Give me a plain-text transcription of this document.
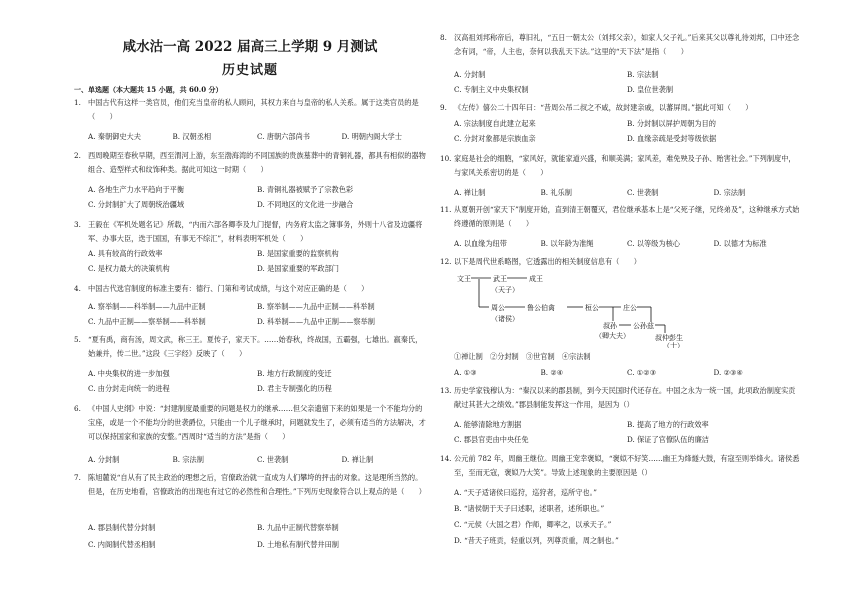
咸水沽一高 2022 届高三上学期 9 月测试
历史试题
一、单选题（本大题共 15 小题，共 60.0 分）
1. 中国古代有这样一类官员，他们充当皇帝的私人顾问，其权力来自与皇帝的私人关系。属于这类官员的是（　　）
A. 秦朝御史大夫	B. 汉朝丞相	C. 唐朝六部尚书	D. 明朝内阁大学士
2. 西周晚期至春秋早期，西至渭河上游，东至渤海湾的不同国族的贵族墓葬中的青铜礼器，都具有相似的器物组合、造型样式和纹饰种类。据此可知这一时期（　　）
A. 各地生产力水平趋向于平衡	B. 青铜礼器被赋予了宗教色彩
C. 分封制扩大了周朝统治疆域	D. 不同地区的文化进一步融合
3. 王毅在《军机处题名记》所载，“内而六部各卿李及九门提督，内务府太监之簿事务，外则十八省及边疆将军、办事大臣，迭于国国，有事无不综汇”，材料表明军机处（　　）
A. 具有较高的行政效率	B. 是国家重要的监察机构
C. 是权力最大的决策机构	D. 是国家重要的军政部门
4. 中国古代选官制度的标准主要有：德行、门第和考试成绩，与这个对应正确的是（　　）
A. 察举制——科举制——九品中正制	B. 察举制——九品中正制——科举制
C. 九品中正制——察举制——科举制	D. 科举制——九品中正制——察举制
5. “夏有禹，商有汤，周文武，称三王。夏传子，家天下。……始春秋，终战国，五霸强，七雄出。嬴秦氏，始兼并，传二世。”这段《三字经》反映了（　　）
A. 中央集权的进一步加强	B. 地方行政制度的变迁
C. 由分封走向统一的进程	D. 君主专制强化的历程
6. 《中国人史纲》中说：“封建制度最重要的问题是权力的继承……但父亲遗留下来的如果是一个不能均分的宝座，或是一个不能均分的世袭爵位，只能由一个儿子继承时，问题就发生了，必须有适当的方法解决，才可以保持国家和家族的安整。”西周时“适当的方法”是指（　　）
A. 分封制	B. 宗法制	C. 世袭制	D. 禅让制
7. 陈旭麓说“自从有了民主政治的理想之后，官僚政治就一直成为人们攀垮的抨击的对象。这是理所当然的。但是，在历史地看，官僚政治的出现也有过它的必然性和合理性。”下列历史现象符合以上观点的是（　　）
A. 郡县制代替分封制	B. 九品中正制代替察举制
C. 内阁制代替丞相制	D. 土地私有制代替井田制
8. 汉高祖刘邦称帝后，尊旧礼，“五日一朝太公（刘邦父亲），如家人父子礼。”后来其父以尊礼待刘邦，口中还念念有词，“帝，人主也，奈何以我乱天下法。”这里的“天下法”是指（　　）
A. 分封制	B. 宗法制
C. 专制主义中央集权制	D. 皇位世袭制
9. 《左传》僖公二十四年曰：“昔周公吊二叔之不咸，故封建亲戚，以蕃屏周。”据此可知（　　）
A. 宗法制度自此建立起来	B. 分封制以屏护周朝为目的
C. 分封对象都是宗族血亲	D. 血缘亲疏是受封等级依据
10. 家庭是社会的细胞，“家风好，就能家道兴盛，和顺美满；家风差，难免殃及子孙、贻害社会。”下列制度中，与家风关系密切的是（　　）
A. 禅让制	B. 礼乐制	C. 世袭制	D. 宗法制
11. 从夏朝开创“家天下”制度开始，直到清王朝覆灭，君位继承基本上是“父死子继，兄终弟及”，这种继承方式始终遵循的原则是（　　）
A. 以血缘为纽带	B. 以年龄为准绳	C. 以等级为核心	D. 以德才为标准
12. 以下是周代世系略图，它透露出的相关制度信息有（　　）
文王	武王	成王
（天子）
周公	鲁公伯禽	桓公	庄公
（诸侯）
叔孙 公孙兹
（卿大夫）	叔仲彭生
（士）
①禅让制　②分封制　③世官制　④宗法制
A. ①③	B. ②④	C. ①②③	D. ②③④
13. 历史学家钱穆认为：“秦汉以来的郡县制，到今天民国时代还存在。中国之永为一统一国，此项政治制度实贡献过其甚大之绩效。”郡县制能发挥这一作用，是因为（）
A. 能够清除地方割据	B. 提高了地方的行政效率
C. 郡县官吏由中央任免	D. 保证了官僚队伍的廉洁
14. 公元前 782 年，周幽王继位。周幽王宠幸褒姒，“褒姒不好笑……幽王为烽燧大鼓，有寇至则举烽火。诸侯悉至，至而无寇，褒姒乃大笑”。导致上述现象的主要原因是（）
A. “天子适诸侯曰巡狩，巡狩者，巡所守也。”
B. “诸侯朝于天子曰述职，述职者，述所职也。”
C. “元侯（大国之君）作师，卿率之，以承天子。”
D. “昔天子班贡，轻重以列，列尊贡重，周之制也。”
